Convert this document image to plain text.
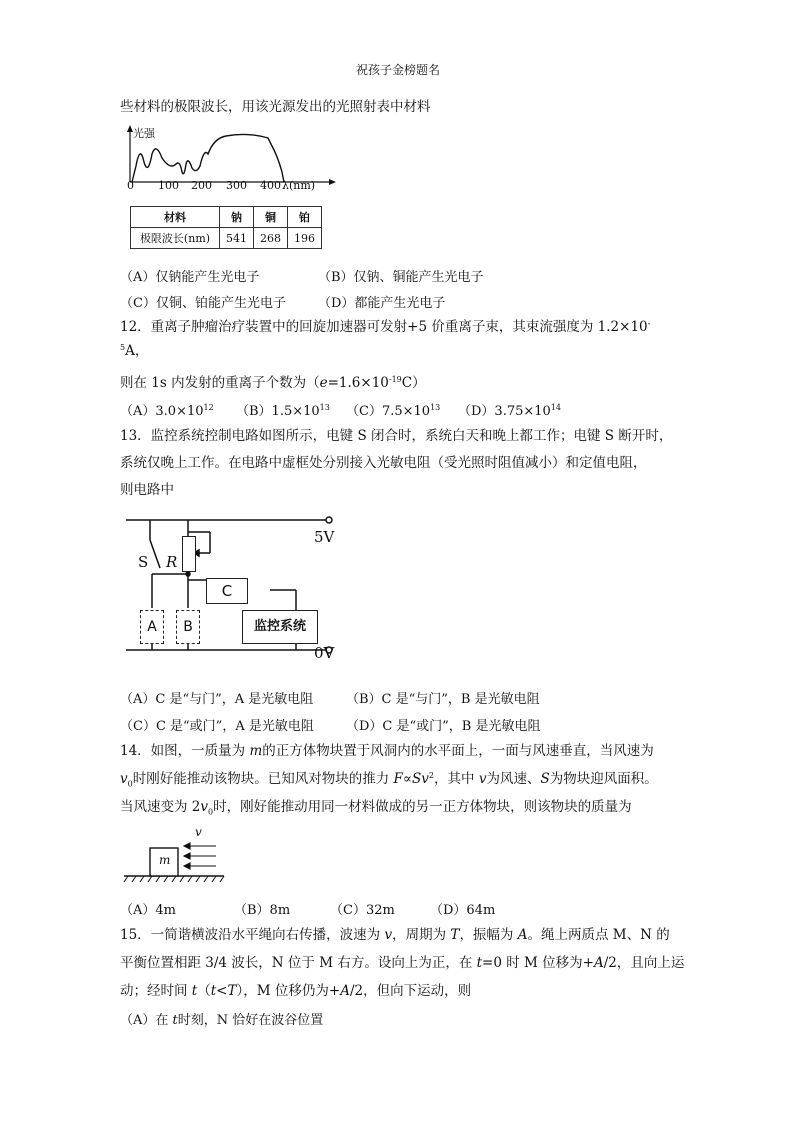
祝孩子金榜题名
些材料的极限波长，用该光源发出的光照射表中材料
光强
0 100 200 300 400 λ(nm)
材料	钠	铜	铂
极限波长(nm)	541	268	196
（A）仅钠能产生光电子	（B）仅钠、铜能产生光电子
（C）仅铜、铂能产生光电子 （D）都能产生光电子
12．重离子肿瘤治疗装置中的回旋加速器可发射+5 价重离子束，其束流强度为 1.2×10-
$^5$A，
则在 1s 内发射的重离子个数为$(e=1.6\times 10^{-19}C)$
$(A)3.0\times 10^{12}$ $(B)1.5\times 10^{13}$ $(C)7.5\times 10^{13}$ $(D)3.75\times 10^{14}$
13．监控系统控制电路如图所示，电键 S 闭合时，系统白天和晚上都工作；电键 S 断开时，
系统仅晚上工作。在电路中虚框处分别接入光敏电阻（受光照时阻值减小）和定值电阻，
则电路中
R
S
C
A	B	监控系统
5V
0V
（A）C 是“与门”，A 是光敏电阻	（B）C 是“与门”，B 是光敏电阻
（C）C 是“或门”，A 是光敏电阻 （D）C 是“或门”，B 是光敏电阻
14．如图，一质量为 m的正方体物块置于风洞内的水平面上，一面与风速垂直，当风速为
$v_0$时刚好能推动该物块。已知风对物块的推力 $F\propto Sv^2$，其中 v为风速、S为物块迎风面积。
当风速变为 $2v_0$时，刚好能推动用同一材料做成的另一正方体物块，则该物块的质量为
v
m
（A）4m	（B）8m	（C）32m	（D）64m
15．一简谐横波沿水平绳向右传播，波速为 v，周期为 T，振幅为 A。绳上两质点 M、N 的
平衡位置相距 3/4 波长，N 位于 M 右方。设向上为正，在 t=0 时 M 位移为+A/2，且向上运
动；经时间 t（t<T），M 位移仍为+A/2，但向下运动，则
（A）在 t时刻，N 恰好在波谷位置
